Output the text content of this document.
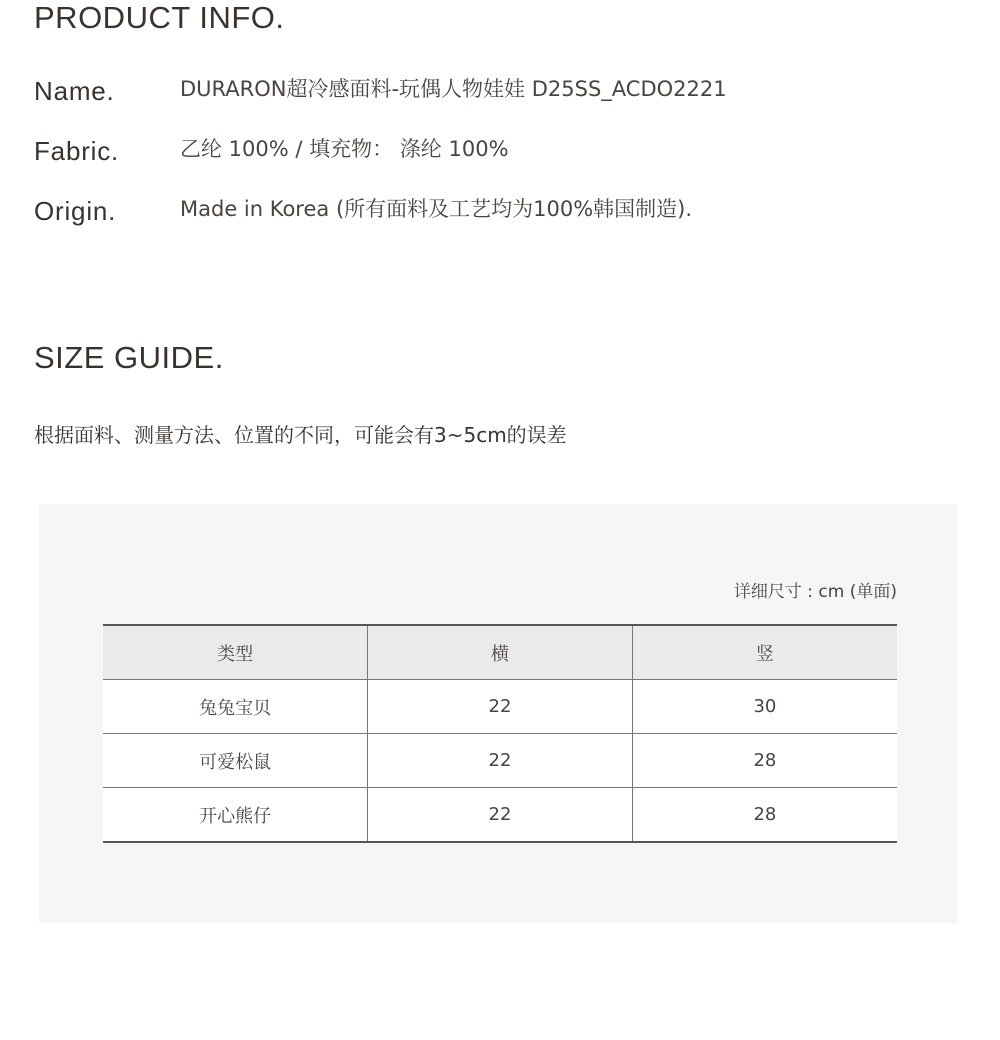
PRODUCT INFO.
Name.	DURARON超冷感面料-玩偶人物娃娃 D25SS_ACDO2221
Fabric.	乙纶 100% / 填充物： 涤纶 100%
Origin.	Made in Korea (所有面料及工艺均为100%韩国制造).
SIZE GUIDE.

根据面料、测量方法、位置的不同，可能会有3~5cm的误差

详细尺寸 : cm (单面)
类型	横	竖
兔兔宝贝	22	30
可爱松鼠	22	28
开心熊仔	22	28
